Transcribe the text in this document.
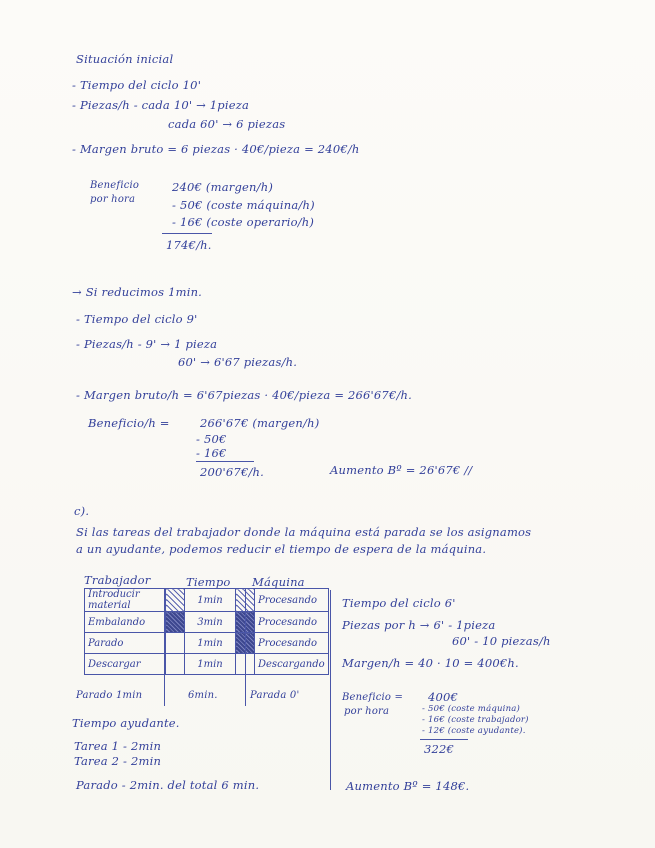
Situación inicial
- Tiempo del ciclo 10'
- Piezas/h - cada 10' → 1pieza
cada 60' → 6 piezas
- Margen bruto = 6 piezas · 40€/pieza = 240€/h
Beneficio
por hora
240€ (margen/h)
- 50€ (coste máquina/h)
- 16€ (coste operario/h)
174€/h.
→ Si reducimos 1min.
- Tiempo del ciclo 9'
- Piezas/h - 9' → 1 pieza
60' → 6'67 piezas/h.
- Margen bruto/h = 6'67piezas · 40€/pieza = 266'67€/h.
Beneficio/h =	266'67€ (margen/h)
- 50€
- 16€
200'67€/h.	Aumento Bº = 26'67€ //
c).
Si las tareas del trabajador donde la máquina está parada se los asignamos
a un ayudante, podemos reducir el tiempo de espera de la máquina.
Trabajador	Tiempo Máquina
Introducir material		1min		Procesando
Embalando		3min		Procesando
Parado		1min		Procesando
Descargar		1min		Descargando
Parado 1min	6min.	Parada 0'
Tiempo ayudante.
Tarea 1 - 2min
Tarea 2 - 2min
Parado - 2min. del total 6 min.
Tiempo del ciclo 6'
Piezas por h → 6' - 1pieza
60' - 10 piezas/h
Margen/h = 40 · 10 = 400€h.
Beneficio =
por hora
400€
- 50€ (coste máquina)
- 16€ (coste trabajador)
- 12€ (coste ayudante).
322€
Aumento Bº = 148€.
